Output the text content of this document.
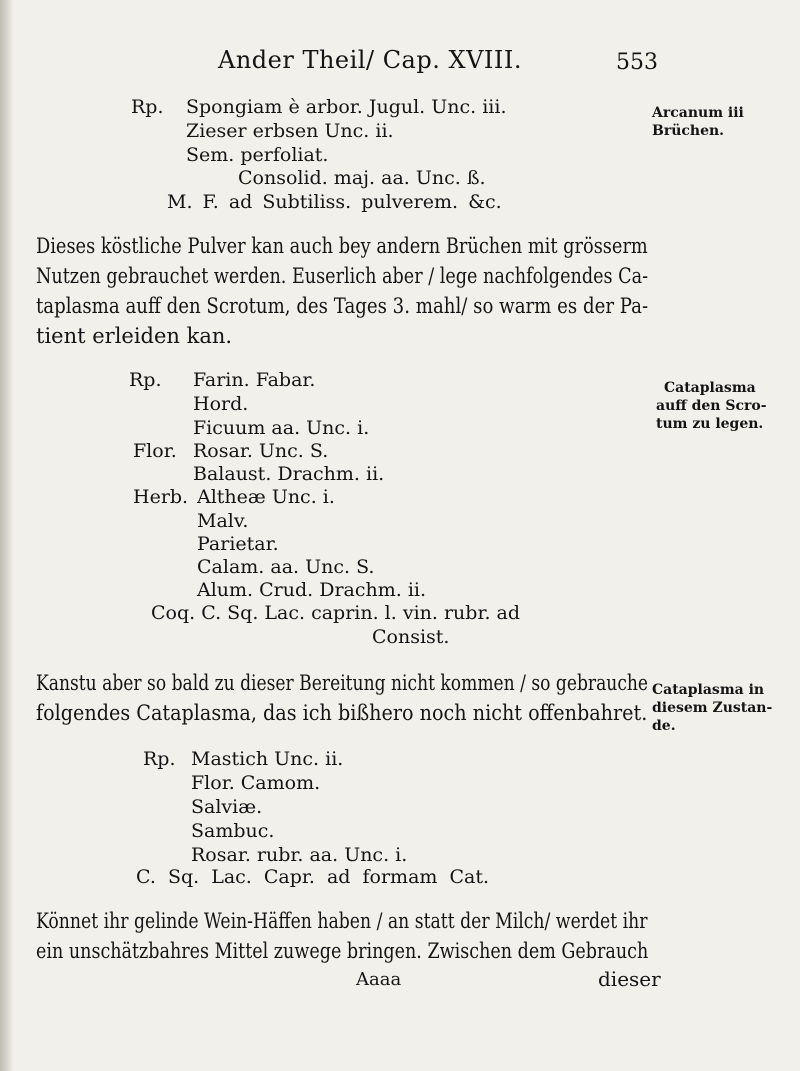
Ander Theil/ Cap. XVIII.	553
Rp. Spongiam è arbor. Jugul. Unc. iii.
Zieser erbsen Unc. ii.
Sem. perfoliat.
Consolid. maj. aa. Unc. ß.
M. F. ad Subtiliss. pulverem. &c.
Arcanum iii
Brüchen.
Dieses köstliche Pulver kan auch bey andern Brüchen mit grösserm
Nutzen gebrauchet werden. Euserlich aber / lege nachfolgendes Ca-
taplasma auff den Scrotum, des Tages 3. mahl/ so warm es der Pa-
tient erleiden kan.
Rp. Farin. Fabar.
Hord.
Ficuum aa. Unc. i.
Flor. Rosar. Unc. S.
Balaust. Drachm. ii.
Herb. Altheæ Unc. i.
Malv.
Parietar.
Calam. aa. Unc. S.
Alum. Crud. Drachm. ii.
Coq. C. Sq. Lac. caprin. l. vin. rubr. ad
Consist.
Cataplasma
auff den Scro-
tum zu legen.
Kanstu aber so bald zu dieser Bereitung nicht kommen / so gebrauche
folgendes Cataplasma, das ich bißhero noch nicht offenbahret.
Cataplasma in
diesem Zustan-
de.
Rp. Mastich Unc. ii.
Flor. Camom.
Salviæ.
Sambuc.
Rosar. rubr. aa. Unc. i.
C. Sq. Lac. Capr. ad formam Cat.
Könnet ihr gelinde Wein-Häffen haben / an statt der Milch/ werdet ihr
ein unschätzbahres Mittel zuwege bringen. Zwischen dem Gebrauch
Aaaa	dieser
